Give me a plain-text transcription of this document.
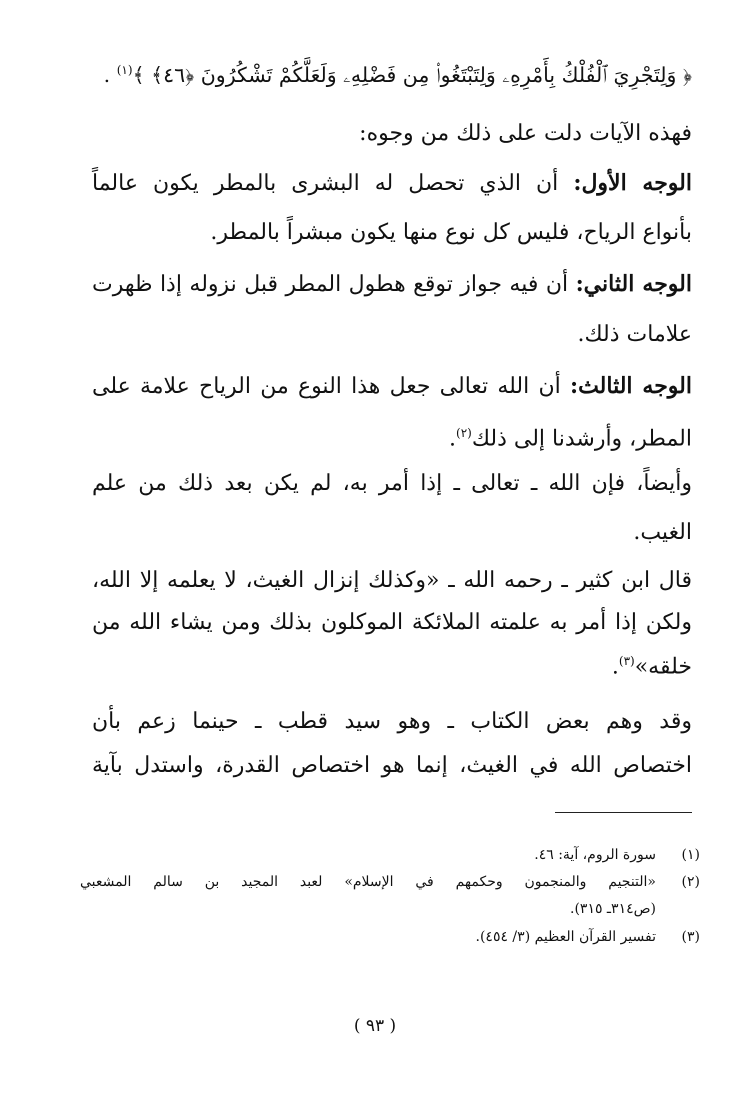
﴿ وَلِتَجْرِيَ ٱلْفُلْكُ بِأَمْرِهِۦ وَلِتَبْتَغُوا۟ مِن فَضْلِهِۦ وَلَعَلَّكُمْ تَشْكُرُونَ ﴿٤٦﴾ ﴾$^{(١)}$ .
فهذه الآيات دلت على ذلك من وجوه:
الوجه الأول: أن الذي تحصل له البشرى بالمطر يكون عالماً
بأنواع الرياح، فليس كل نوع منها يكون مبشراً بالمطر.
الوجه الثاني: أن فيه جواز توقع هطول المطر قبل نزوله إذا ظهرت
علامات ذلك.
الوجه الثالث: أن الله تعالى جعل هذا النوع من الرياح علامة على
المطر، وأرشدنا إلى ذلك$^{(٢)}$.
وأيضاً، فإن الله ـ تعالى ـ إذا أمر به، لم يكن بعد ذلك من علم
الغيب.
قال ابن كثير ـ رحمه الله ـ «وكذلك إنزال الغيث، لا يعلمه إلا الله،
ولكن إذا أمر به علمته الملائكة الموكلون بذلك ومن يشاء الله من
خلقه»$^{(٣)}$.
وقد وهم بعض الكتاب ـ وهو سيد قطب ـ حينما زعم بأن
اختصاص الله في الغيث، إنما هو اختصاص القدرة، واستدل بآية
(١)
سورة الروم، آية: ٤٦.
(٢)
«التنجيم والمنجمون وحكمهم في الإسلام» لعبد المجيد بن سالم المشعبي
(ص٣١٤ـ ٣١٥).
(٣)
تفسير القرآن العظيم (٣/ ٤٥٤).
( ٩٣ )
